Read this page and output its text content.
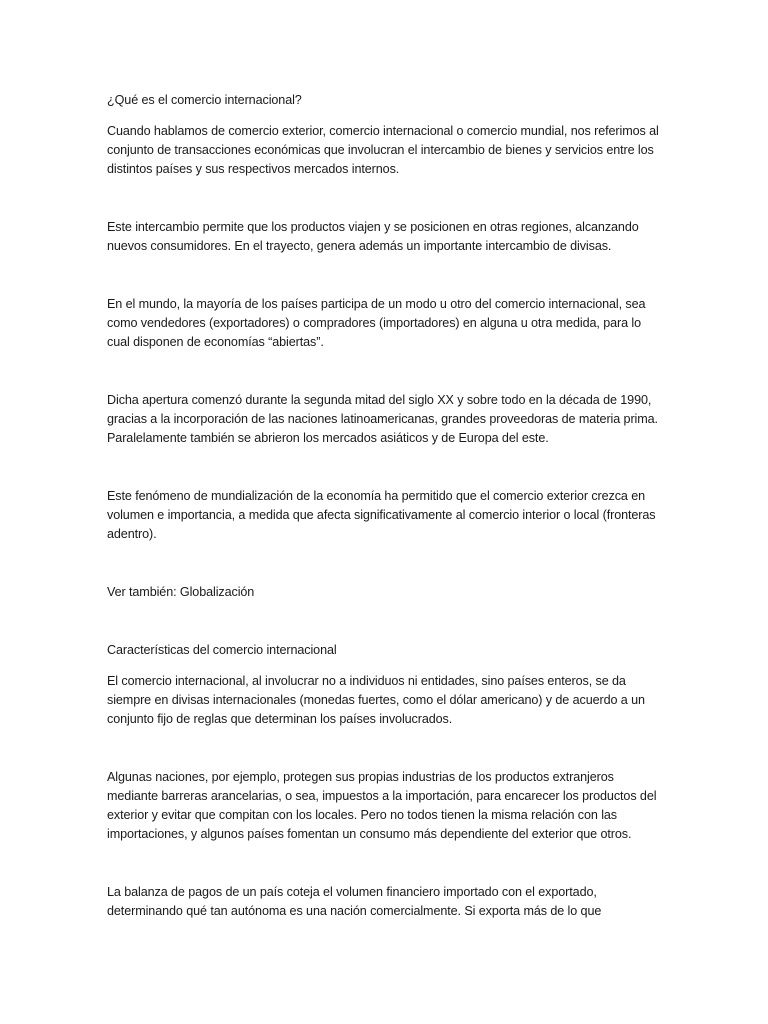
¿Qué es el comercio internacional?

Cuando hablamos de comercio exterior, comercio internacional o comercio mundial, nos referimos al conjunto de transacciones económicas que involucran el intercambio de bienes y servicios entre los distintos países y sus respectivos mercados internos.

Este intercambio permite que los productos viajen y se posicionen en otras regiones, alcanzando nuevos consumidores. En el trayecto, genera además un importante intercambio de divisas.

En el mundo, la mayoría de los países participa de un modo u otro del comercio internacional, sea como vendedores (exportadores) o compradores (importadores) en alguna u otra medida, para lo cual disponen de economías “abiertas”.

Dicha apertura comenzó durante la segunda mitad del siglo XX y sobre todo en la década de 1990, gracias a la incorporación de las naciones latinoamericanas, grandes proveedoras de materia prima. Paralelamente también se abrieron los mercados asiáticos y de Europa del este.

Este fenómeno de mundialización de la economía ha permitido que el comercio exterior crezca en volumen e importancia, a medida que afecta significativamente al comercio interior o local (fronteras adentro).

Ver también: Globalización

Características del comercio internacional

El comercio internacional, al involucrar no a individuos ni entidades, sino países enteros, se da siempre en divisas internacionales (monedas fuertes, como el dólar americano) y de acuerdo a un conjunto fijo de reglas que determinan los países involucrados.

Algunas naciones, por ejemplo, protegen sus propias industrias de los productos extranjeros mediante barreras arancelarias, o sea, impuestos a la importación, para encarecer los productos del exterior y evitar que compitan con los locales. Pero no todos tienen la misma relación con las importaciones, y algunos países fomentan un consumo más dependiente del exterior que otros.

La balanza de pagos de un país coteja el volumen financiero importado con el exportado, determinando qué tan autónoma es una nación comercialmente. Si exporta más de lo que
